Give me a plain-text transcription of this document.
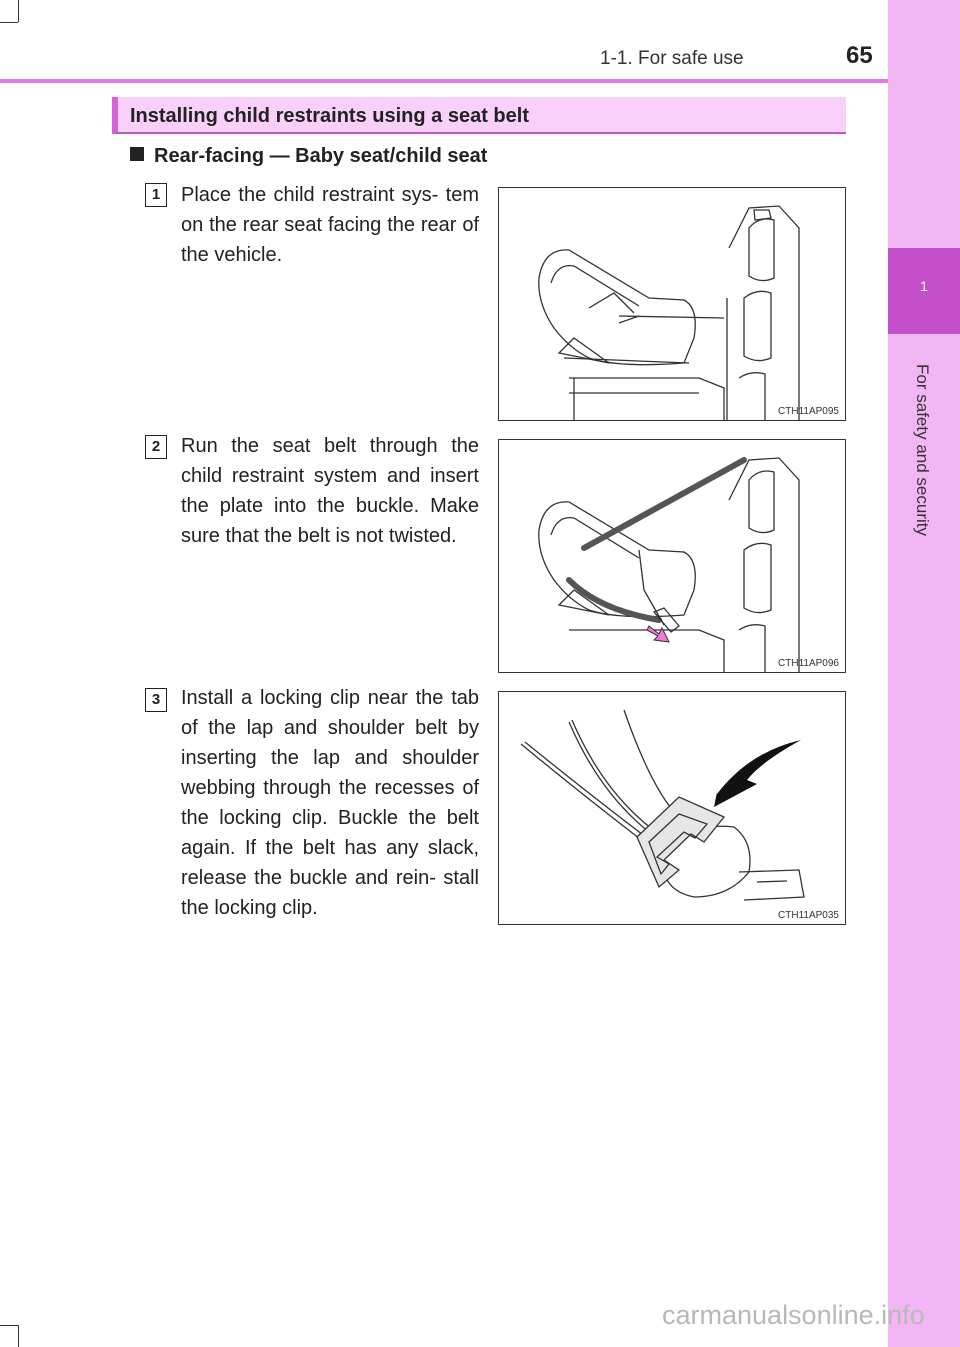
1
For safety and security
1-1. For safe use	65
Installing child restraints using a seat belt
Rear-facing — Baby seat/child seat
1	Place the child restraint sys- tem on the rear seat facing the rear of the vehicle.
CTH11AP095
2	Run the seat belt through the child restraint system and insert the plate into the buckle. Make sure that the belt is not twisted.
CTH11AP096
3	Install a locking clip near the tab of the lap and shoulder belt by inserting the lap and shoulder webbing through the recesses of the locking clip. Buckle the belt again. If the belt has any slack, release the buckle and rein- stall the locking clip.	CTH11AP035
carmanualsonline.info
